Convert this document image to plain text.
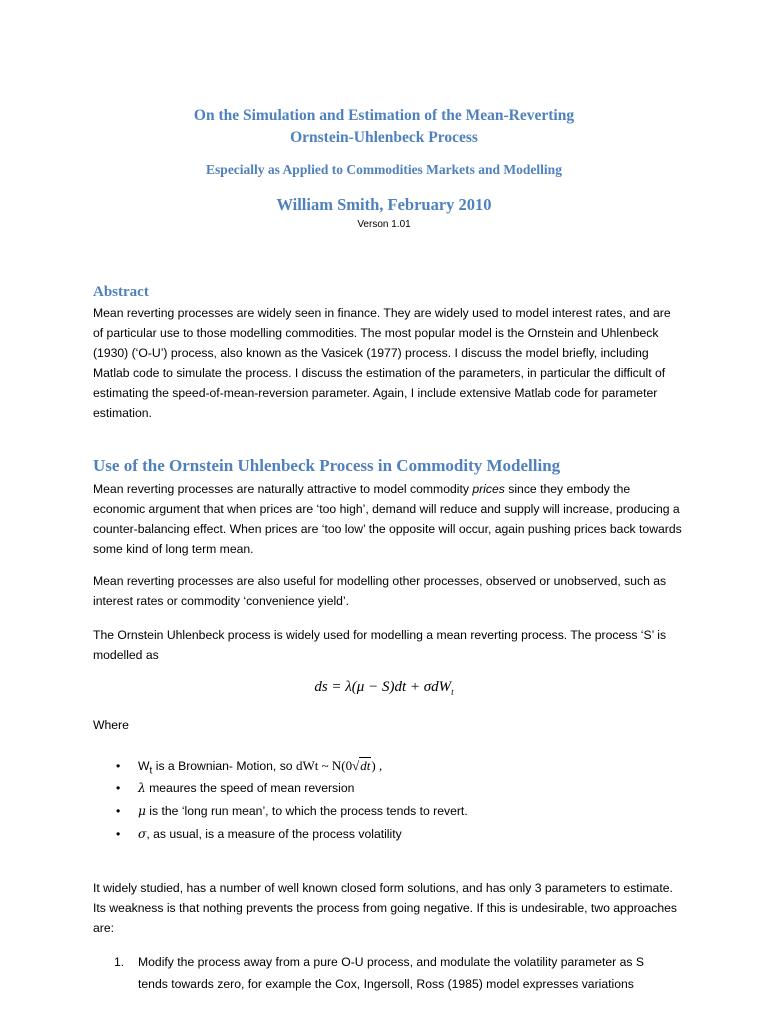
On the Simulation and Estimation of the Mean-Reverting
Ornstein-Uhlenbeck Process
Especially as Applied to Commodities Markets and Modelling
William Smith, February 2010
Verson 1.01
Abstract

Mean reverting processes are widely seen in finance. They are widely used to model interest rates, and are of particular use to those modelling commodities. The most popular model is the Ornstein and Uhlenbeck (1930) (‘O-U’) process, also known as the Vasicek (1977) process. I discuss the model briefly, including Matlab code to simulate the process. I discuss the estimation of the parameters, in particular the difficult of estimating the speed-of-mean-reversion parameter. Again, I include extensive Matlab code for parameter estimation.

Use of the Ornstein Uhlenbeck Process in Commodity Modelling

Mean reverting processes are naturally attractive to model commodity prices since they embody the economic argument that when prices are ‘too high’, demand will reduce and supply will increase, producing a counter-balancing effect. When prices are ‘too low’ the opposite will occur, again pushing prices back towards some kind of long term mean.

Mean reverting processes are also useful for modelling other processes, observed or unobserved, such as interest rates or commodity ‘convenience yield’.

The Ornstein Uhlenbeck process is widely used for modelling a mean reverting process. The process ‘S’ is modelled as

ds = λ(μ − S)dt + σdW$_t$
Where
• $W_t$ is a Brownian- Motion, so dWt ~ N(0√dt) ,
• λ meaures the speed of mean reversion
• μ is the ‘long run mean’, to which the process tends to revert.
• σ, as usual, is a measure of the process volatility

It widely studied, has a number of well known closed form solutions, and has only 3 parameters to estimate. Its weakness is that nothing prevents the process from going negative. If this is undesirable, two approaches are:

1. Modify the process away from a pure O-U process, and modulate the volatility parameter as S tends towards zero, for example the Cox, Ingersoll, Ross (1985) model expresses variations
